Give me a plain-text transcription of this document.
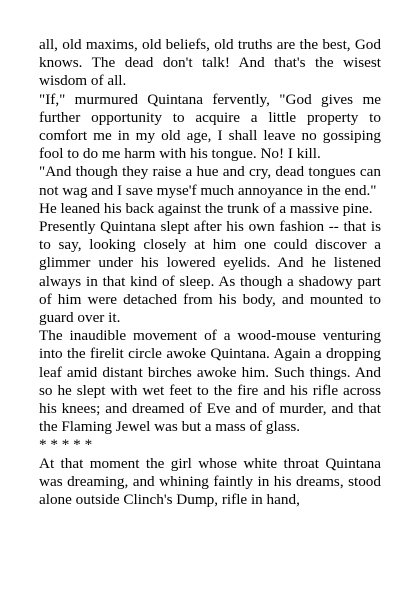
all, old maxims, old beliefs, old truths are the best, God knows. The dead don't talk! And that's the wisest wisdom of all.

"If," murmured Quintana fervently, "God gives me further opportunity to acquire a little property to comfort me in my old age, I shall leave no gossiping fool to do me harm with his tongue. No! I kill.

"And though they raise a hue and cry, dead tongues can not wag and I save myse'f much annoyance in the end."

He leaned his back against the trunk of a massive pine.

Presently Quintana slept after his own fashion -- that is to say, looking closely at him one could discover a glimmer under his lowered eyelids. And he listened always in that kind of sleep. As though a shadowy part of him were detached from his body, and mounted to guard over it.

The inaudible movement of a wood-mouse venturing into the firelit circle awoke Quintana. Again a dropping leaf amid distant birches awoke him. Such things. And so he slept with wet feet to the fire and his rifle across his knees; and dreamed of Eve and of murder, and that the Flaming Jewel was but a mass of glass.

* * * * *

At that moment the girl whose white throat Quintana was dreaming, and whining faintly in his dreams, stood alone outside Clinch's Dump, rifle in hand,
